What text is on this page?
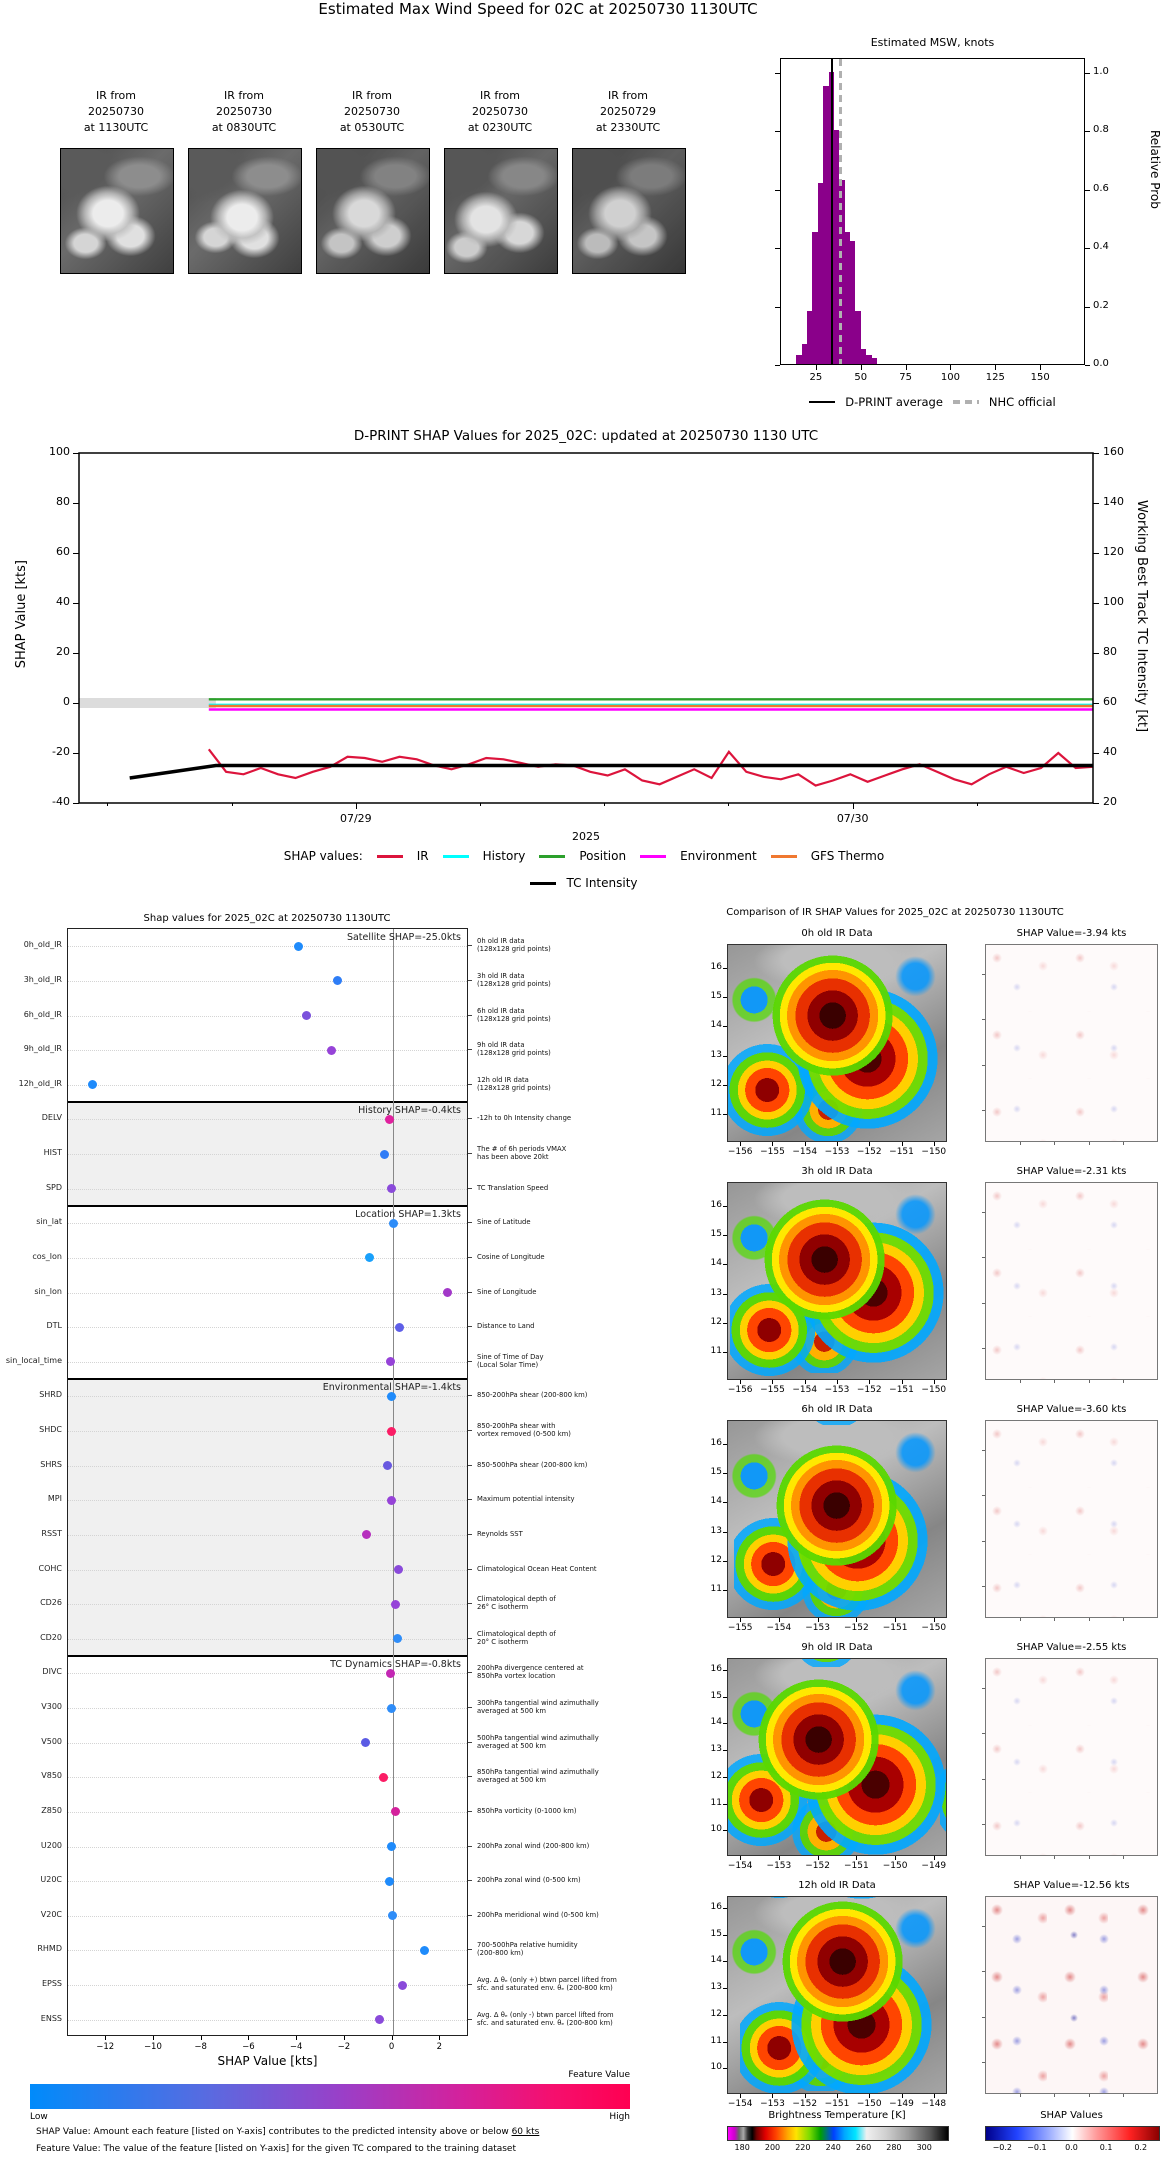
Estimated Max Wind Speed for 02C at 20250730 1130UTC
Estimated MSW, knots
Relative Prob
D-PRINT SHAP Values for 2025_02C: updated at 20250730 1130 UTC
SHAP Value [kts]	Working Best Track TC Intensity [kt]
2025
Shap values for 2025_02C at 20250730 1130UTC
SHAP Value [kts]
Feature Value
Low	High
SHAP Value: Amount each feature [listed on Y-axis] contributes to the predicted intensity above or below 60 kts
Feature Value: The value of the feature [listed on Y-axis] for the given TC compared to the training dataset
Comparison of IR SHAP Values for 2025_02C at 20250730 1130UTC
Brightness Temperature [K]
180	200	220	240	260	280	300
SHAP Values
−0.2	−0.1	0.0	0.1	0.2
IR from
20250730
at 1130UTC
IR from
20250730
at 0830UTC
IR from
20250730
at 0530UTC
IR from
20250730
at 0230UTC
IR from
20250729
at 2330UTC
25	50	75	100	125	150
0.0
0.2
0.4
0.6
0.8
1.0
D-PRINT average	NHC official
100
80
60
40
20
0
-20
-40
160
140
120
100
80
60
40
20
07/29	07/30
SHAP values:	IR	History	Position	Environment	GFS Thermo
TC Intensity
Satellite SHAP=-25.0kts
History SHAP=-0.4kts
Location SHAP=1.3kts
Environmental SHAP=-1.4kts
TC Dynamics SHAP=-0.8kts
0h_old_IR	0h old IR data
(128x128 grid points)
3h_old_IR	3h old IR data
(128x128 grid points)
6h_old_IR	6h old IR data
(128x128 grid points)
9h_old_IR	9h old IR data
(128x128 grid points)
12h_old_IR	12h old IR data
(128x128 grid points)
DELV	-12h to 0h Intensity change
HIST	The # of 6h periods VMAX
has been above 20kt
SPD	TC Translation Speed
sin_lat	Sine of Latitude
cos_lon	Cosine of Longitude
sin_lon	Sine of Longitude
DTL	Distance to Land
sin_local_time	Sine of Time of Day
(Local Solar Time)
SHRD	850-200hPa shear (200-800 km)
SHDC	850-200hPa shear with
vortex removed (0-500 km)
SHRS	850-500hPa shear (200-800 km)
MPI	Maximum potential intensity
RSST	Reynolds SST
COHC	Climatological Ocean Heat Content
CD26	Climatological depth of
26° C isotherm
CD20	Climatological depth of
20° C isotherm
DIVC	200hPa divergence centered at
850hPa vortex location
V300	300hPa tangential wind azimuthally
averaged at 500 km
V500	500hPa tangential wind azimuthally
averaged at 500 km
V850	850hPa tangential wind azimuthally
averaged at 500 km
Z850	850hPa vorticity (0-1000 km)
U200	200hPa zonal wind (200-800 km)
U20C	200hPa zonal wind (0-500 km)
V20C	200hPa meridional wind (0-500 km)
RHMD	700-500hPa relative humidity
(200-800 km)
EPSS	Avg. Δ θₑ (only +) btwn parcel lifted from
sfc. and saturated env. θₑ (200-800 km)
ENSS	Avg. Δ θₑ (only -) btwn parcel lifted from
sfc. and saturated env. θₑ (200-800 km)
−12	−10	−8	−6	−4	−2	0	2
0h old IR Data
16
15
14
13
12
11
−156 −155 −154 −153 −152 −151 −150
SHAP Value=-3.94 kts
3h old IR Data
16
15
14
13
12
11
−156 −155 −154 −153 −152 −151 −150
SHAP Value=-2.31 kts
6h old IR Data
16
15
14
13
12
11
−155	−154	−153	−152	−151	−150
SHAP Value=-3.60 kts
9h old IR Data
16
15
14
13
12
11
10
−154	−153	−152	−151	−150	−149
SHAP Value=-2.55 kts
12h old IR Data
16
15
14
13
12
11
10
−154 −153 −152 −151 −150 −149 −148
SHAP Value=-12.56 kts
